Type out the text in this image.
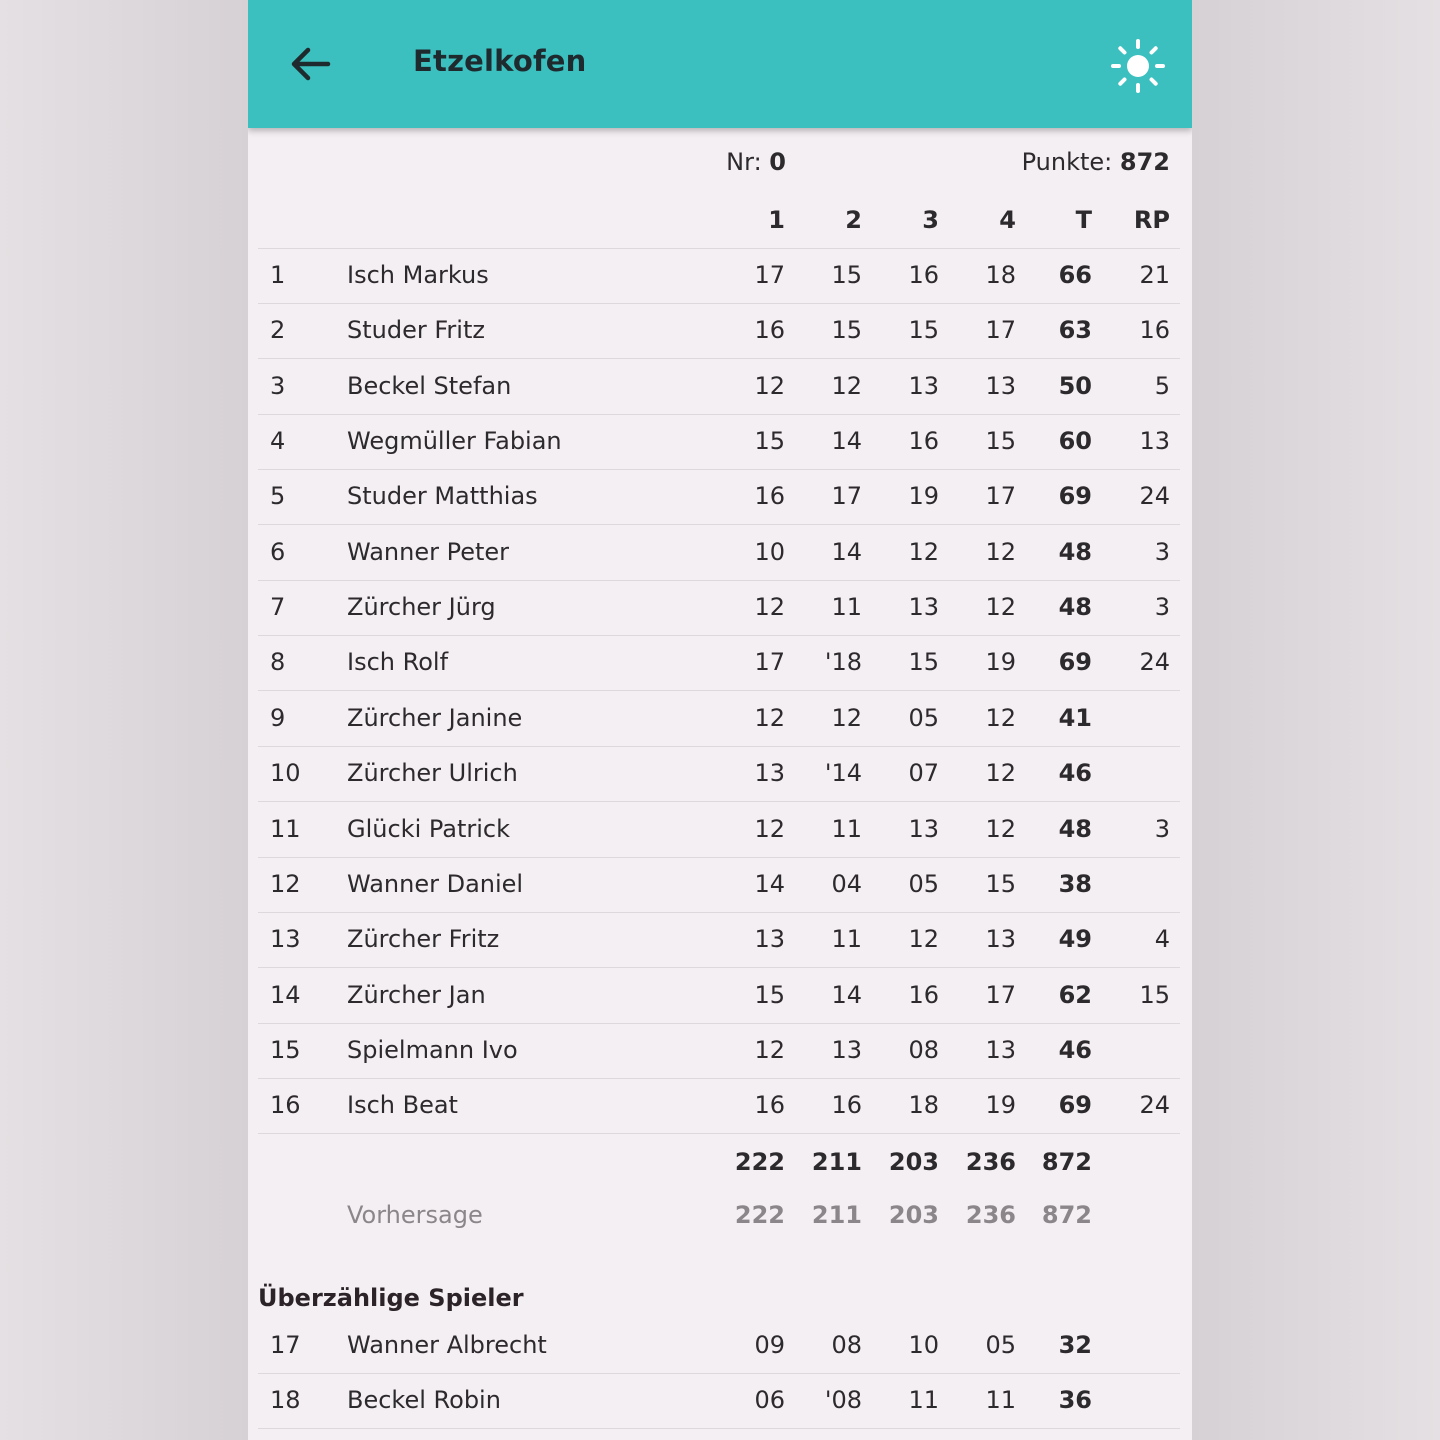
Etzelkofen
Nr: 0	Punkte: 872
1	2	3	4 T RP
1	Isch Markus	17 15 16 18 66 21
2	Studer Fritz	16 15 15 17 63 16
3	Beckel Stefan	12 12 13 13 50	5
4	Wegmüller Fabian	15 14 16 15 60 13
5	Studer Matthias	16 17 19 17 69 24
6	Wanner Peter	10 14 12 12 48	3
7	Zürcher Jürg	12 11 13 12 48	3
8	Isch Rolf	17 '18 15 19 69 24
9	Zürcher Janine	12 12 05 12 41
10 Zürcher Ulrich	13 '14 07 12 46
11 Glücki Patrick	12 11 13 12 48	3
12 Wanner Daniel	14 04 05 15 38
13 Zürcher Fritz	13 11 12 13 49	4
14 Zürcher Jan	15 14 16 17 62 15
15 Spielmann Ivo	12 13 08 13 46
16 Isch Beat	16 16 18 19 69 24
222 211 203 236 872
Vorhersage	222 211 203 236 872
Überzählige Spieler
17 Wanner Albrecht	09 08 10 05 32
18 Beckel Robin	06 '08 11 11 36
